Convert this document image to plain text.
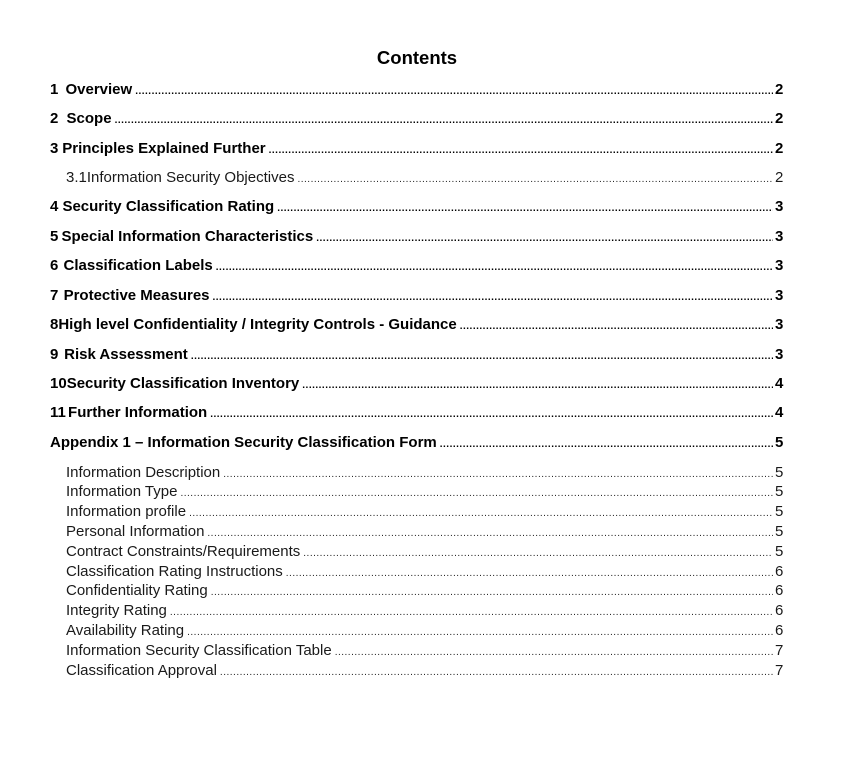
Contents
1 Overview .....	2
2 Scope .....	2
3 Principles Explained Further .....	2
3.1 Information Security Objectives .....	2
4 Security Classification Rating .....	3
5 Special Information Characteristics .....	3
6 Classification Labels .....	3
7 Protective Measures .....	3
8 High level Confidentiality / Integrity Controls - Guidance .....	3
9 Risk Assessment .....	3
10 Security Classification Inventory .....	4
11 Further Information .....	4
Appendix 1 – Information Security Classification Form .....	5
Information Description .....	5
Information Type .....	5
Information profile .....	5
Personal Information .....	5
Contract Constraints/Requirements .....	5
Classification Rating Instructions .....	6
Confidentiality Rating .....	6
Integrity Rating .....	6
Availability Rating .....	6
Information Security Classification Table .....	7
Classification Approval .....	7
